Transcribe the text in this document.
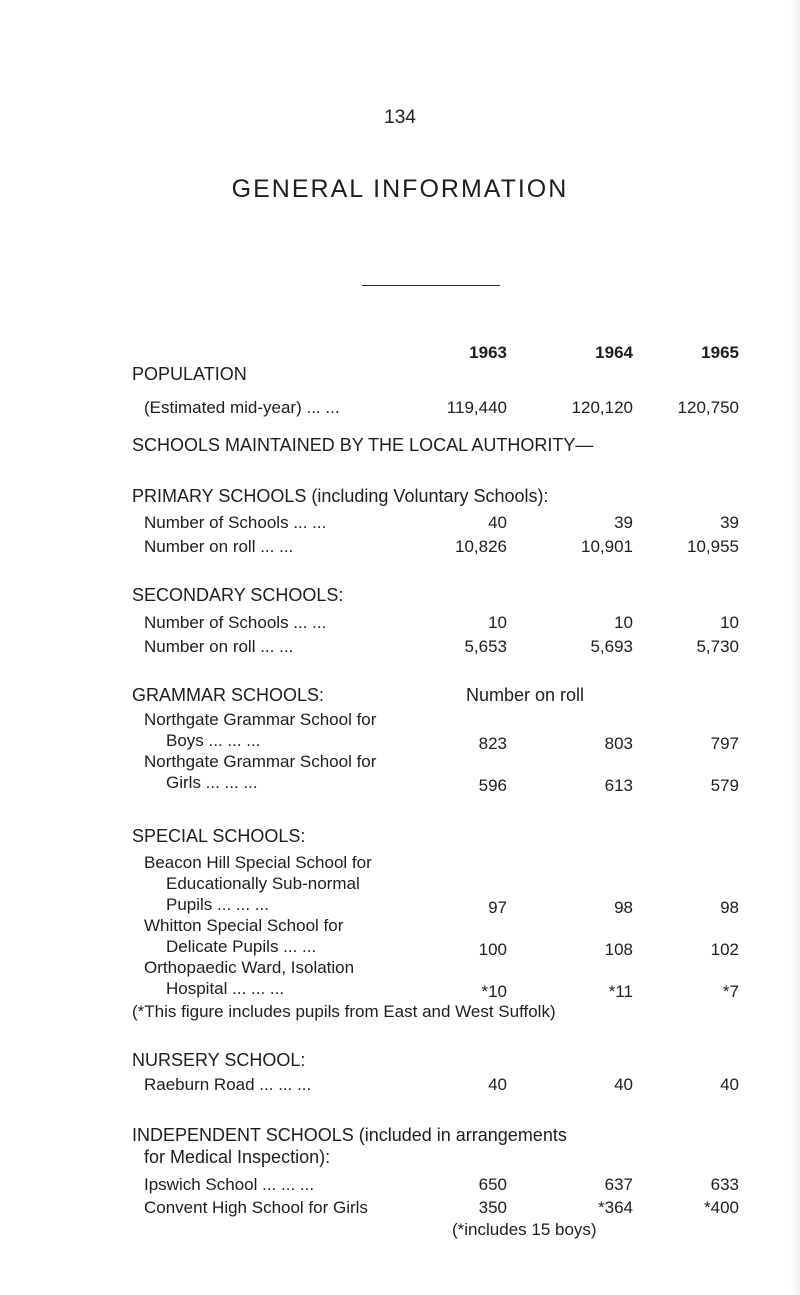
134
GENERAL INFORMATION
1963	1964	1965
POPULATION
(Estimated mid-year) ... ...	119,440	120,120	120,750
SCHOOLS MAINTAINED BY THE LOCAL AUTHORITY—
PRIMARY SCHOOLS (including Voluntary Schools):
Number of Schools ... ...	40	39	39
Number on roll ... ...	10,826	10,901	10,955
SECONDARY SCHOOLS:
Number of Schools ... ...	10	10	10
Number on roll ... ...	5,653	5,693	5,730
GRAMMAR SCHOOLS:	Number on roll
Northgate Grammar School for
Boys ... ... ...	823	803	797
Northgate Grammar School for
Girls ... ... ...	596	613	579
SPECIAL SCHOOLS:
Beacon Hill Special School for
Educationally Sub-normal
Pupils ... ... ...	97	98	98
Whitton Special School for
Delicate Pupils ... ...	100	108	102
Orthopaedic Ward, Isolation
Hospital ... ... ...	*10	*11	*7
(*This figure includes pupils from East and West Suffolk)
NURSERY SCHOOL:
Raeburn Road ... ... ...	40	40	40
INDEPENDENT SCHOOLS (included in arrangements
for Medical Inspection):
Ipswich School ... ... ...	650	637	633
Convent High School for Girls	350	*364	*400
(*includes 15 boys)
